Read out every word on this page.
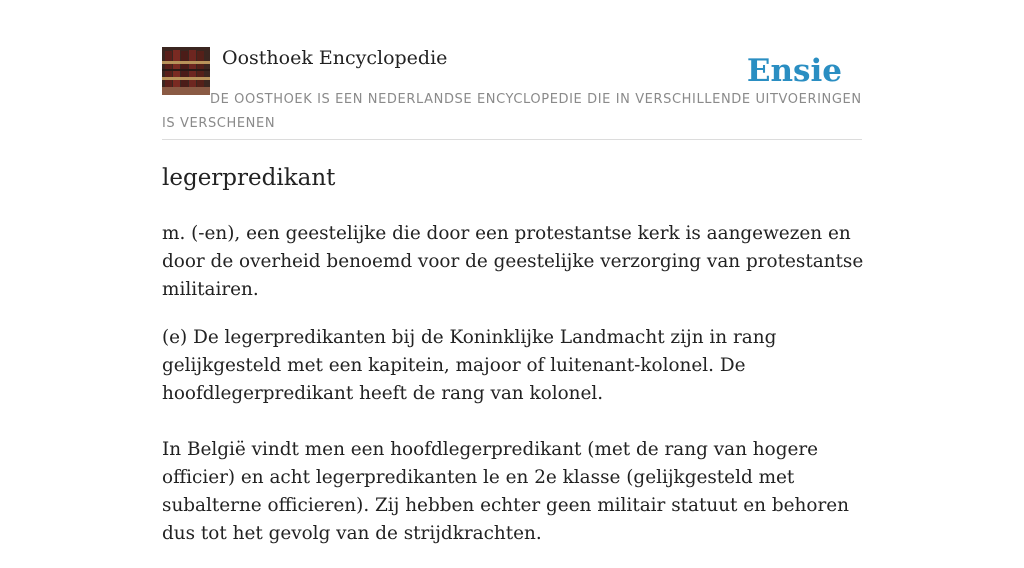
Oosthoek Encyclopedie	Ensie

DE OOSTHOEK IS EEN NEDERLANDSE ENCYCLOPEDIE DIE IN VERSCHILLENDE UITVOERINGEN IS VERSCHENEN

legerpredikant

m. (-en), een geestelijke die door een protestantse kerk is aangewezen en door de overheid benoemd voor de geestelijke verzorging van protestantse militairen.

(e) De legerpredikanten bij de Koninklijke Landmacht zijn in rang gelijkgesteld met een kapitein, majoor of luitenant-kolonel. De hoofdlegerpredikant heeft de rang van kolonel.

In België vindt men een hoofdlegerpredikant (met de rang van hogere officier) en acht legerpredikanten le en 2e klasse (gelijkgesteld met subalterne officieren). Zij hebben echter geen militair statuut en behoren dus tot het gevolg van de strijdkrachten.
